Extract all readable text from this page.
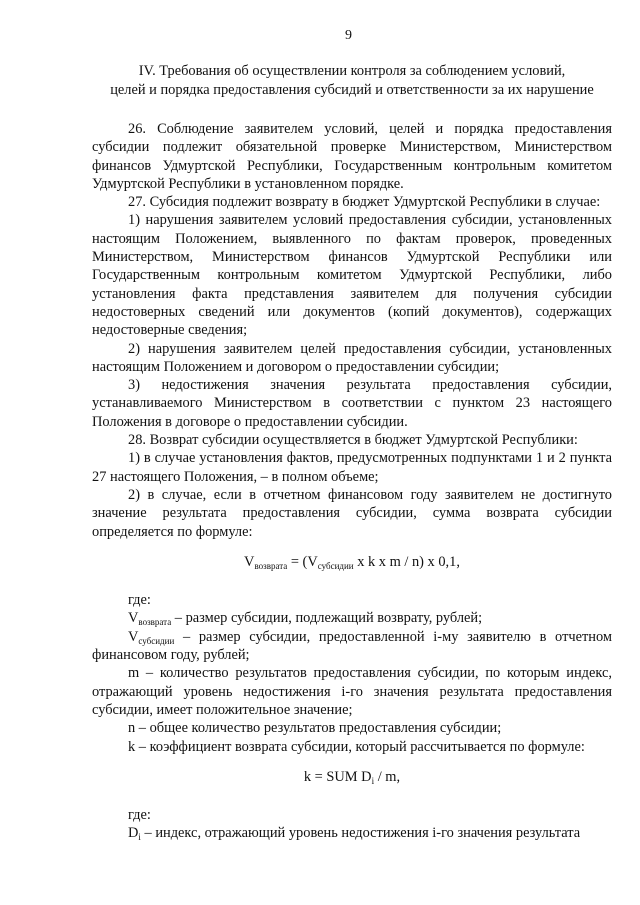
9
IV. Требования об осуществлении контроля за соблюдением условий,
целей и порядка предоставления субсидий и ответственности за их нарушение

26. Соблюдение заявителем условий, целей и порядка предоставления субсидии подлежит обязательной проверке Министерством, Министерством финансов Удмуртской Республики, Государственным контрольным комитетом Удмуртской Республики в установленном порядке.

27. Субсидия подлежит возврату в бюджет Удмуртской Республики в случае:

1) нарушения заявителем условий предоставления субсидии, установленных настоящим Положением, выявленного по фактам проверок, проведенных Министерством, Министерством финансов Удмуртской Республики или Государственным контрольным комитетом Удмуртской Республики, либо установления факта представления заявителем для получения субсидии недостоверных сведений или документов (копий документов), содержащих недостоверные сведения;

2) нарушения заявителем целей предоставления субсидии, установленных настоящим Положением и договором о предоставлении субсидии;

3) недостижения значения результата предоставления субсидии, устанавливаемого Министерством в соответствии с пунктом 23 настоящего Положения в договоре о предоставлении субсидии.

28. Возврат субсидии осуществляется в бюджет Удмуртской Республики:

1) в случае установления фактов, предусмотренных подпунктами 1 и 2 пункта 27 настоящего Положения, – в полном объеме;

2) в случае, если в отчетном финансовом году заявителем не достигнуто значение результата предоставления субсидии, сумма возврата субсидии определяется по формуле:

$V_{возврата} = (V_{субсидии}$ x k x m / n) x 0,1,

где:

$V_{возврата}$ – размер субсидии, подлежащий возврату, рублей;

$V_{субсидии}$ – размер субсидии, предоставленной i-му заявителю в отчетном финансовом году, рублей;

m – количество результатов предоставления субсидии, по которым индекс, отражающий уровень недостижения i-го значения результата предоставления субсидии, имеет положительное значение;

n – общее количество результатов предоставления субсидии;

k – коэффициент возврата субсидии, который рассчитывается по формуле:

k = SUM $D_i$ / m,

где:

$D_i$ – индекс, отражающий уровень недостижения i-го значения результата
